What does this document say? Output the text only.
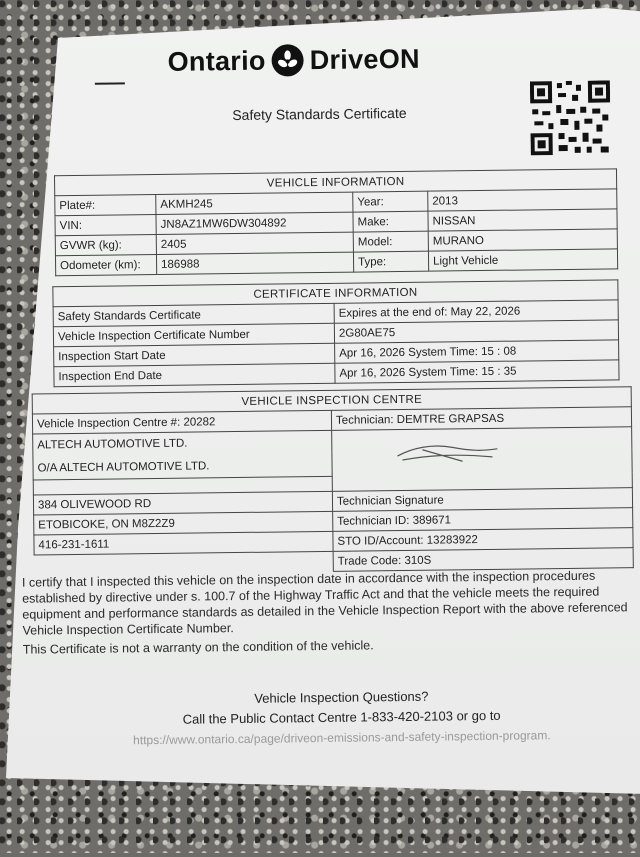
Ontario DriveON
Safety Standards Certificate
VEHICLE INFORMATION			
Plate#:	AKMH245	Year:	2013
VIN:	JN8AZ1MW6DW304892	Make:	NISSAN
GVWR (kg):	2405	Model:	MURANO
Odometer (km):	186988	Type:	Light Vehicle
CERTIFICATE INFORMATION	
Safety Standards Certificate	Expires at the end of: May 22, 2026
Vehicle Inspection Certificate Number	2G80AE75
Inspection Start Date	Apr 16, 2026 System Time: 15 : 08
Inspection End Date	Apr 16, 2026 System Time: 15 : 35
VEHICLE INSPECTION CENTRE	
Vehicle Inspection Centre #: 20282	Technician: DEMTRE GRAPSAS
ALTECH AUTOMOTIVE LTD.	

O/A ALTECH AUTOMOTIVE LTD.	

384 OLIVEWOOD RD	Technician Signature
ETOBICOKE, ON M8Z2Z9	Technician ID: 389671
416-231-1611	STO ID/Account: 13283922
	Trade Code: 310S

I certify that I inspected this vehicle on the inspection date in accordance with the inspection procedures established by directive under s. 100.7 of the Highway Traffic Act and that the vehicle meets the required equipment and performance standards as detailed in the Vehicle Inspection Report with the above referenced Vehicle Inspection Certificate Number.

This Certificate is not a warranty on the condition of the vehicle.

Vehicle Inspection Questions?
Call the Public Contact Centre 1-833-420-2103 or go to
https://www.ontario.ca/page/driveon-emissions-and-safety-inspection-program.
